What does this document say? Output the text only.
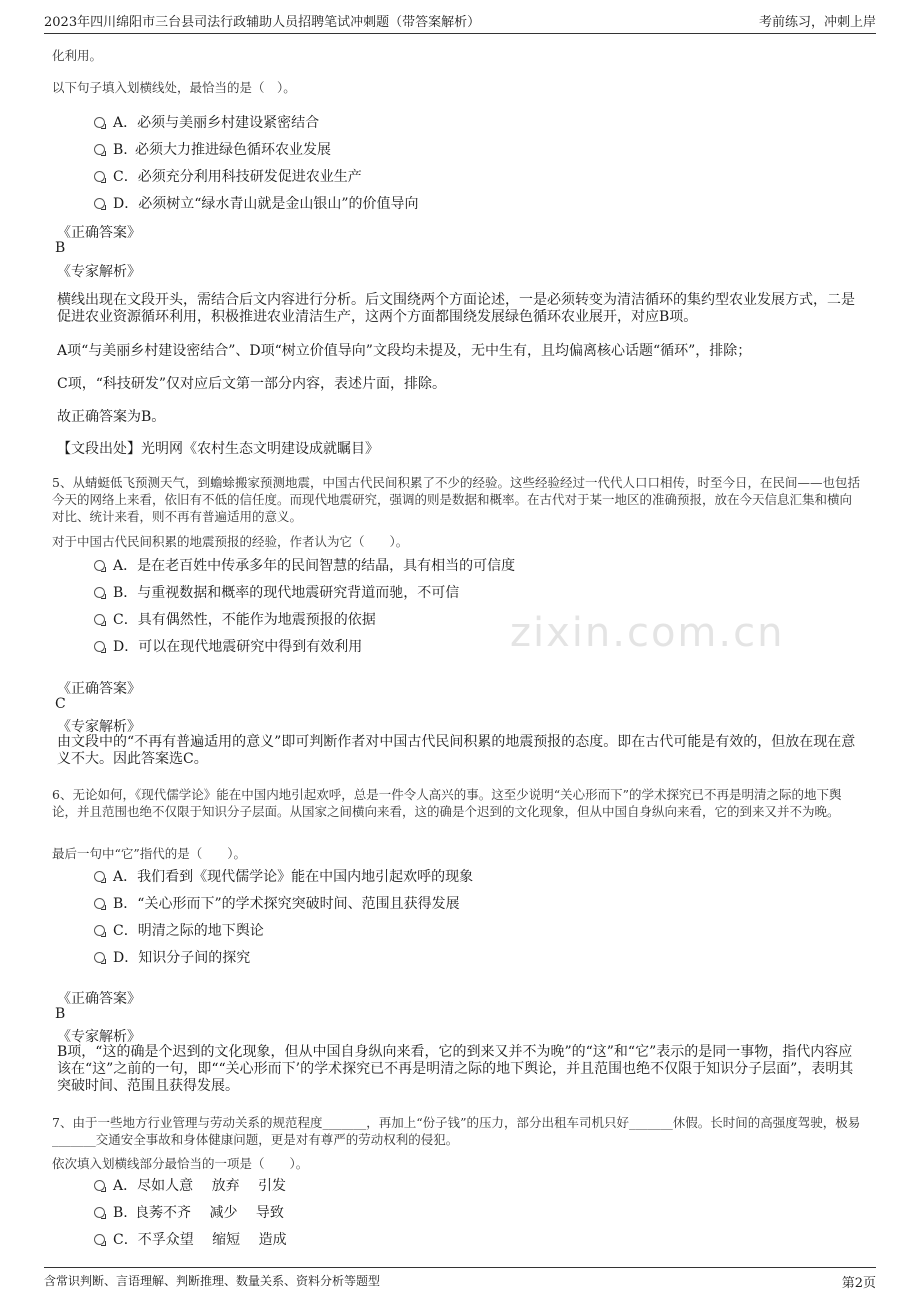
2023年四川绵阳市三台县司法行政辅助人员招聘笔试冲刺题（带答案解析）	考前练习，冲刺上岸
zixin.com.cn
化利用。
以下句子填入划横线处，最恰当的是（　）。
A．必须与美丽乡村建设紧密结合
B. 必须大力推进绿色循环农业发展
C．必须充分利用科技研发促进农业生产
D．必须树立“绿水青山就是金山银山”的价值导向
《正确答案》
B
《专家解析》
横线出现在文段开头，需结合后文内容进行分析。后文围绕两个方面论述，一是必须转变为清洁循环的集约型农业发展方式，二是促进农业资源循环利用，积极推进农业清洁生产，这两个方面都围绕发展绿色循环农业展开，对应B项。
A项“与美丽乡村建设密结合”、D项“树立价值导向”文段均未提及，无中生有，且均偏离核心话题“循环”，排除；
C项，“科技研发”仅对应后文第一部分内容，表述片面，排除。
故正确答案为B。
【文段出处】光明网《农村生态文明建设成就瞩目》
5、从蜻蜓低飞预测天气，到蟾蜍搬家预测地震，中国古代民间积累了不少的经验。这些经验经过一代代人口口相传，时至今日，在民间——也包括今天的网络上来看，依旧有不低的信任度。而现代地震研究，强调的则是数据和概率。在古代对于某一地区的准确预报，放在今天信息汇集和横向对比、统计来看，则不再有普遍适用的意义。
对于中国古代民间积累的地震预报的经验，作者认为它（　　）。
A．是在老百姓中传承多年的民间智慧的结晶，具有相当的可信度
B．与重视数据和概率的现代地震研究背道而驰，不可信
C．具有偶然性，不能作为地震预报的依据
D．可以在现代地震研究中得到有效利用
《正确答案》
C
《专家解析》
由文段中的“不再有普遍适用的意义”即可判断作者对中国古代民间积累的地震预报的态度。即在古代可能是有效的，但放在现在意义不大。因此答案选C。
6、无论如何，《现代儒学论》能在中国内地引起欢呼，总是一件令人高兴的事。这至少说明“关心形而下”的学术探究已不再是明清之际的地下舆论，并且范围也绝不仅限于知识分子层面。从国家之间横向来看，这的确是个迟到的文化现象，但从中国自身纵向来看，它的到来又并不为晚。
最后一句中“它”指代的是（　　）。
A．我们看到《现代儒学论》能在中国内地引起欢呼的现象
B．“关心形而下”的学术探究突破时间、范围且获得发展
C．明清之际的地下舆论
D．知识分子间的探究
《正确答案》
B
《专家解析》
B项，“这的确是个迟到的文化现象，但从中国自身纵向来看，它的到来又并不为晚”的“这”和“它”表示的是同一事物，指代内容应该在“这”之前的一句，即““关心形而下’的学术探究已不再是明清之际的地下舆论，并且范围也绝不仅限于知识分子层面”，表明其突破时间、范围且获得发展。
7、由于一些地方行业管理与劳动关系的规范程度_______，再加上“份子钱”的压力，部分出租车司机只好_______休假。长时间的高强度驾驶，极易_______交通安全事故和身体健康问题，更是对有尊严的劳动权利的侵犯。
依次填入划横线部分最恰当的一项是（　　）。
A．尽如人意　 放弃　 引发
B. 良莠不齐　 减少　 导致
C．不孚众望　 缩短　 造成
含常识判断、言语理解、判断推理、数量关系、资料分析等题型	第2页
